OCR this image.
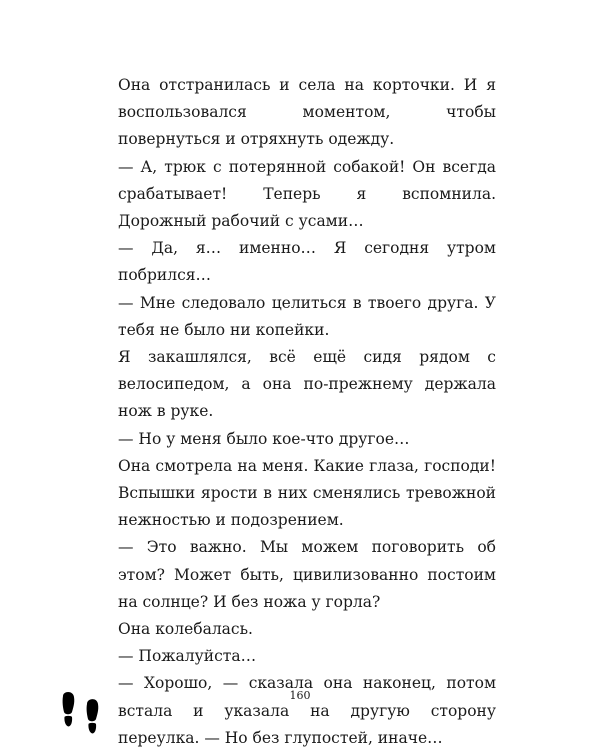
Она отстранилась и села на корточки. И я воспользовался моментом, чтобы повернуться и отряхнуть одежду.

— А, трюк с потерянной собакой! Он всегда срабатывает! Теперь я вспомнила. Дорожный рабочий с усами…

— Да, я… именно… Я сегодня утром побрился…

— Мне следовало целиться в твоего друга. У тебя не было ни копейки.

Я закашлялся, всё ещё сидя рядом с велосипедом, а она по-прежнему держала нож в руке.

— Но у меня было кое-что другое…

Она смотрела на меня. Какие глаза, господи! Вспышки ярости в них сменялись тревожной нежностью и подозрением.

— Это важно. Мы можем поговорить об этом? Может быть, цивилизованно постоим на солнце? И без ножа у горла?

Она колебалась.

— Пожалуйста…

— Хорошо, — сказала она наконец, потом встала и указала на другую сторону переулка. — Но без глупостей, иначе…

160
